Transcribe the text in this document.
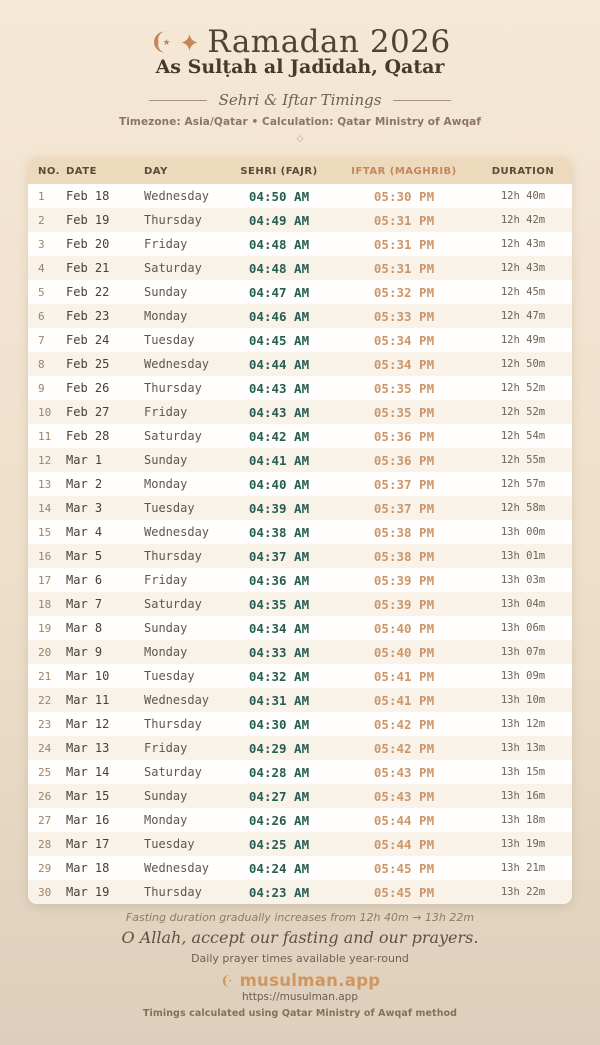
Ramadan 2026
As Sulṭah al Jadīdah, Qatar
Sehri & Iftar Timings
Timezone: Asia/Qatar • Calculation: Qatar Ministry of Awqaf
◇
NO. DATE	DAY	SEHRI (FAJR)	IFTAR (MAGHRIB)	DURATION
1	Feb 18	Wednesday	04:50 AM	05:30 PM	12h 40m
2	Feb 19	Thursday	04:49 AM	05:31 PM	12h 42m
3	Feb 20	Friday	04:48 AM	05:31 PM	12h 43m
4	Feb 21	Saturday	04:48 AM	05:31 PM	12h 43m
5	Feb 22	Sunday	04:47 AM	05:32 PM	12h 45m
6	Feb 23	Monday	04:46 AM	05:33 PM	12h 47m
7	Feb 24	Tuesday	04:45 AM	05:34 PM	12h 49m
8	Feb 25	Wednesday	04:44 AM	05:34 PM	12h 50m
9	Feb 26	Thursday	04:43 AM	05:35 PM	12h 52m
10	Feb 27	Friday	04:43 AM	05:35 PM	12h 52m
11	Feb 28	Saturday	04:42 AM	05:36 PM	12h 54m
12	Mar 1	Sunday	04:41 AM	05:36 PM	12h 55m
13	Mar 2	Monday	04:40 AM	05:37 PM	12h 57m
14	Mar 3	Tuesday	04:39 AM	05:37 PM	12h 58m
15	Mar 4	Wednesday	04:38 AM	05:38 PM	13h 00m
16	Mar 5	Thursday	04:37 AM	05:38 PM	13h 01m
17	Mar 6	Friday	04:36 AM	05:39 PM	13h 03m
18	Mar 7	Saturday	04:35 AM	05:39 PM	13h 04m
19	Mar 8	Sunday	04:34 AM	05:40 PM	13h 06m
20	Mar 9	Monday	04:33 AM	05:40 PM	13h 07m
21	Mar 10	Tuesday	04:32 AM	05:41 PM	13h 09m
22	Mar 11	Wednesday	04:31 AM	05:41 PM	13h 10m
23	Mar 12	Thursday	04:30 AM	05:42 PM	13h 12m
24	Mar 13	Friday	04:29 AM	05:42 PM	13h 13m
25	Mar 14	Saturday	04:28 AM	05:43 PM	13h 15m
26	Mar 15	Sunday	04:27 AM	05:43 PM	13h 16m
27	Mar 16	Monday	04:26 AM	05:44 PM	13h 18m
28	Mar 17	Tuesday	04:25 AM	05:44 PM	13h 19m
29	Mar 18	Wednesday	04:24 AM	05:45 PM	13h 21m
30	Mar 19	Thursday	04:23 AM	05:45 PM	13h 22m
Fasting duration gradually increases from 12h 40m → 13h 22m
O Allah, accept our fasting and our prayers.
Daily prayer times available year-round
musulman.app
https://musulman.app
Timings calculated using Qatar Ministry of Awqaf method
